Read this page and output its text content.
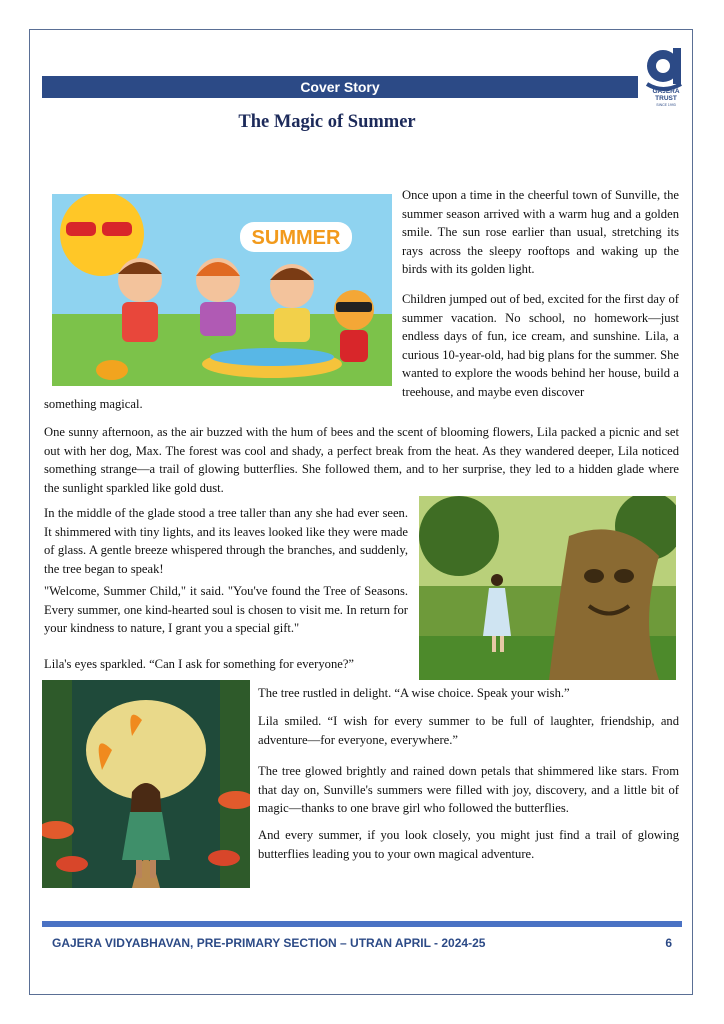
Cover Story	GAJERA
TRUST
SINCE 1993
The Magic of Summer
SUMMER

Once upon a time in the cheerful town of Sunville, the summer season arrived with a warm hug and a golden smile. The sun rose earlier than usual, stretching its rays across the sleepy rooftops and waking up the birds with its golden light.

Children jumped out of bed, excited for the first day of summer vacation. No school, no homework—just endless days of fun, ice cream, and sunshine. Lila, a curious 10-year-old, had big plans for the summer. She wanted to explore the woods behind her house, build a treehouse, and maybe even discover

something magical.

One sunny afternoon, as the air buzzed with the hum of bees and the scent of blooming flowers, Lila packed a picnic and set out with her dog, Max. The forest was cool and shady, a perfect break from the heat. As they wandered deeper, Lila noticed something strange—a trail of glowing butterflies. She followed them, and to her surprise, they led to a hidden glade where the sunlight sparkled like gold dust.

In the middle of the glade stood a tree taller than any she had ever seen. It shimmered with tiny lights, and its leaves looked like they were made of glass. A gentle breeze whispered through the branches, and suddenly, the tree began to speak!

"Welcome, Summer Child," it said. "You've found the Tree of Seasons. Every summer, one kind-hearted soul is chosen to visit me. In return for your kindness to nature, I grant you a special gift."

Lila's eyes sparkled. “Can I ask for something for everyone?”

The tree rustled in delight. “A wise choice. Speak your wish.”

Lila smiled. “I wish for every summer to be full of laughter, friendship, and adventure—for everyone, everywhere.”

The tree glowed brightly and rained down petals that shimmered like stars. From that day on, Sunville's summers were filled with joy, discovery, and a little bit of magic—thanks to one brave girl who followed the butterflies.

And every summer, if you look closely, you might just find a trail of glowing butterflies leading you to your own magical adventure.

GAJERA VIDYABHAVAN, PRE-PRIMARY SECTION – UTRAN APRIL - 2024-25	6
